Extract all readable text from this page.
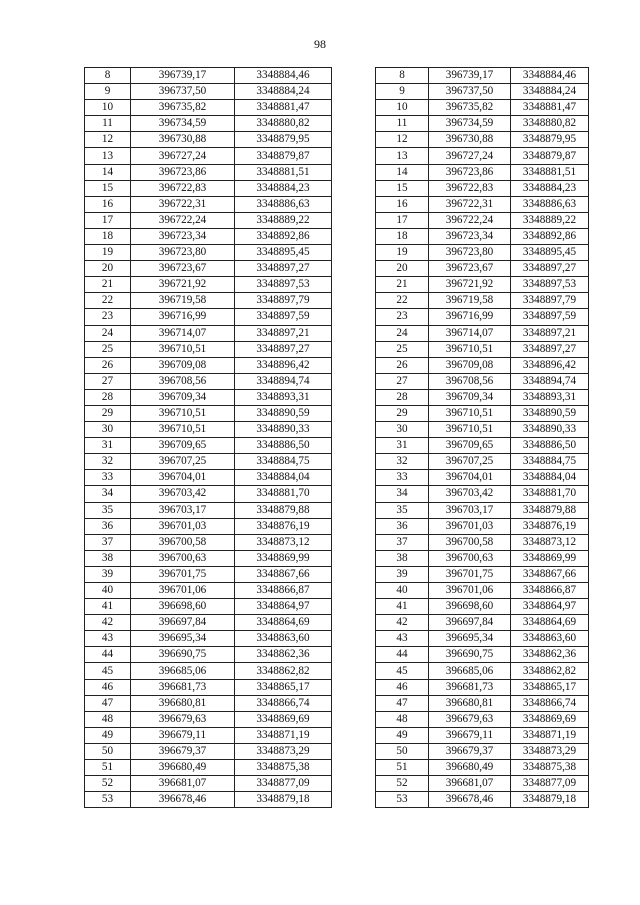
98
8	396739,17	3348884,46
9	396737,50	3348884,24
10	396735,82	3348881,47
11	396734,59	3348880,82
12	396730,88	3348879,95
13	396727,24	3348879,87
14	396723,86	3348881,51
15	396722,83	3348884,23
16	396722,31	3348886,63
17	396722,24	3348889,22
18	396723,34	3348892,86
19	396723,80	3348895,45
20	396723,67	3348897,27
21	396721,92	3348897,53
22	396719,58	3348897,79
23	396716,99	3348897,59
24	396714,07	3348897,21
25	396710,51	3348897,27
26	396709,08	3348896,42
27	396708,56	3348894,74
28	396709,34	3348893,31
29	396710,51	3348890,59
30	396710,51	3348890,33
31	396709,65	3348886,50
32	396707,25	3348884,75
33	396704,01	3348884,04
34	396703,42	3348881,70
35	396703,17	3348879,88
36	396701,03	3348876,19
37	396700,58	3348873,12
38	396700,63	3348869,99
39	396701,75	3348867,66
40	396701,06	3348866,87
41	396698,60	3348864,97
42	396697,84	3348864,69
43	396695,34	3348863,60
44	396690,75	3348862,36
45	396685,06	3348862,82
46	396681,73	3348865,17
47	396680,81	3348866,74
48	396679,63	3348869,69
49	396679,11	3348871,19
50	396679,37	3348873,29
51	396680,49	3348875,38
52	396681,07	3348877,09
53	396678,46	3348879,18
8	396739,17	3348884,46
9	396737,50	3348884,24
10	396735,82	3348881,47
11	396734,59	3348880,82
12	396730,88	3348879,95
13	396727,24	3348879,87
14	396723,86	3348881,51
15	396722,83	3348884,23
16	396722,31	3348886,63
17	396722,24	3348889,22
18	396723,34	3348892,86
19	396723,80	3348895,45
20	396723,67	3348897,27
21	396721,92	3348897,53
22	396719,58	3348897,79
23	396716,99	3348897,59
24	396714,07	3348897,21
25	396710,51	3348897,27
26	396709,08	3348896,42
27	396708,56	3348894,74
28	396709,34	3348893,31
29	396710,51	3348890,59
30	396710,51	3348890,33
31	396709,65	3348886,50
32	396707,25	3348884,75
33	396704,01	3348884,04
34	396703,42	3348881,70
35	396703,17	3348879,88
36	396701,03	3348876,19
37	396700,58	3348873,12
38	396700,63	3348869,99
39	396701,75	3348867,66
40	396701,06	3348866,87
41	396698,60	3348864,97
42	396697,84	3348864,69
43	396695,34	3348863,60
44	396690,75	3348862,36
45	396685,06	3348862,82
46	396681,73	3348865,17
47	396680,81	3348866,74
48	396679,63	3348869,69
49	396679,11	3348871,19
50	396679,37	3348873,29
51	396680,49	3348875,38
52	396681,07	3348877,09
53	396678,46	3348879,18
